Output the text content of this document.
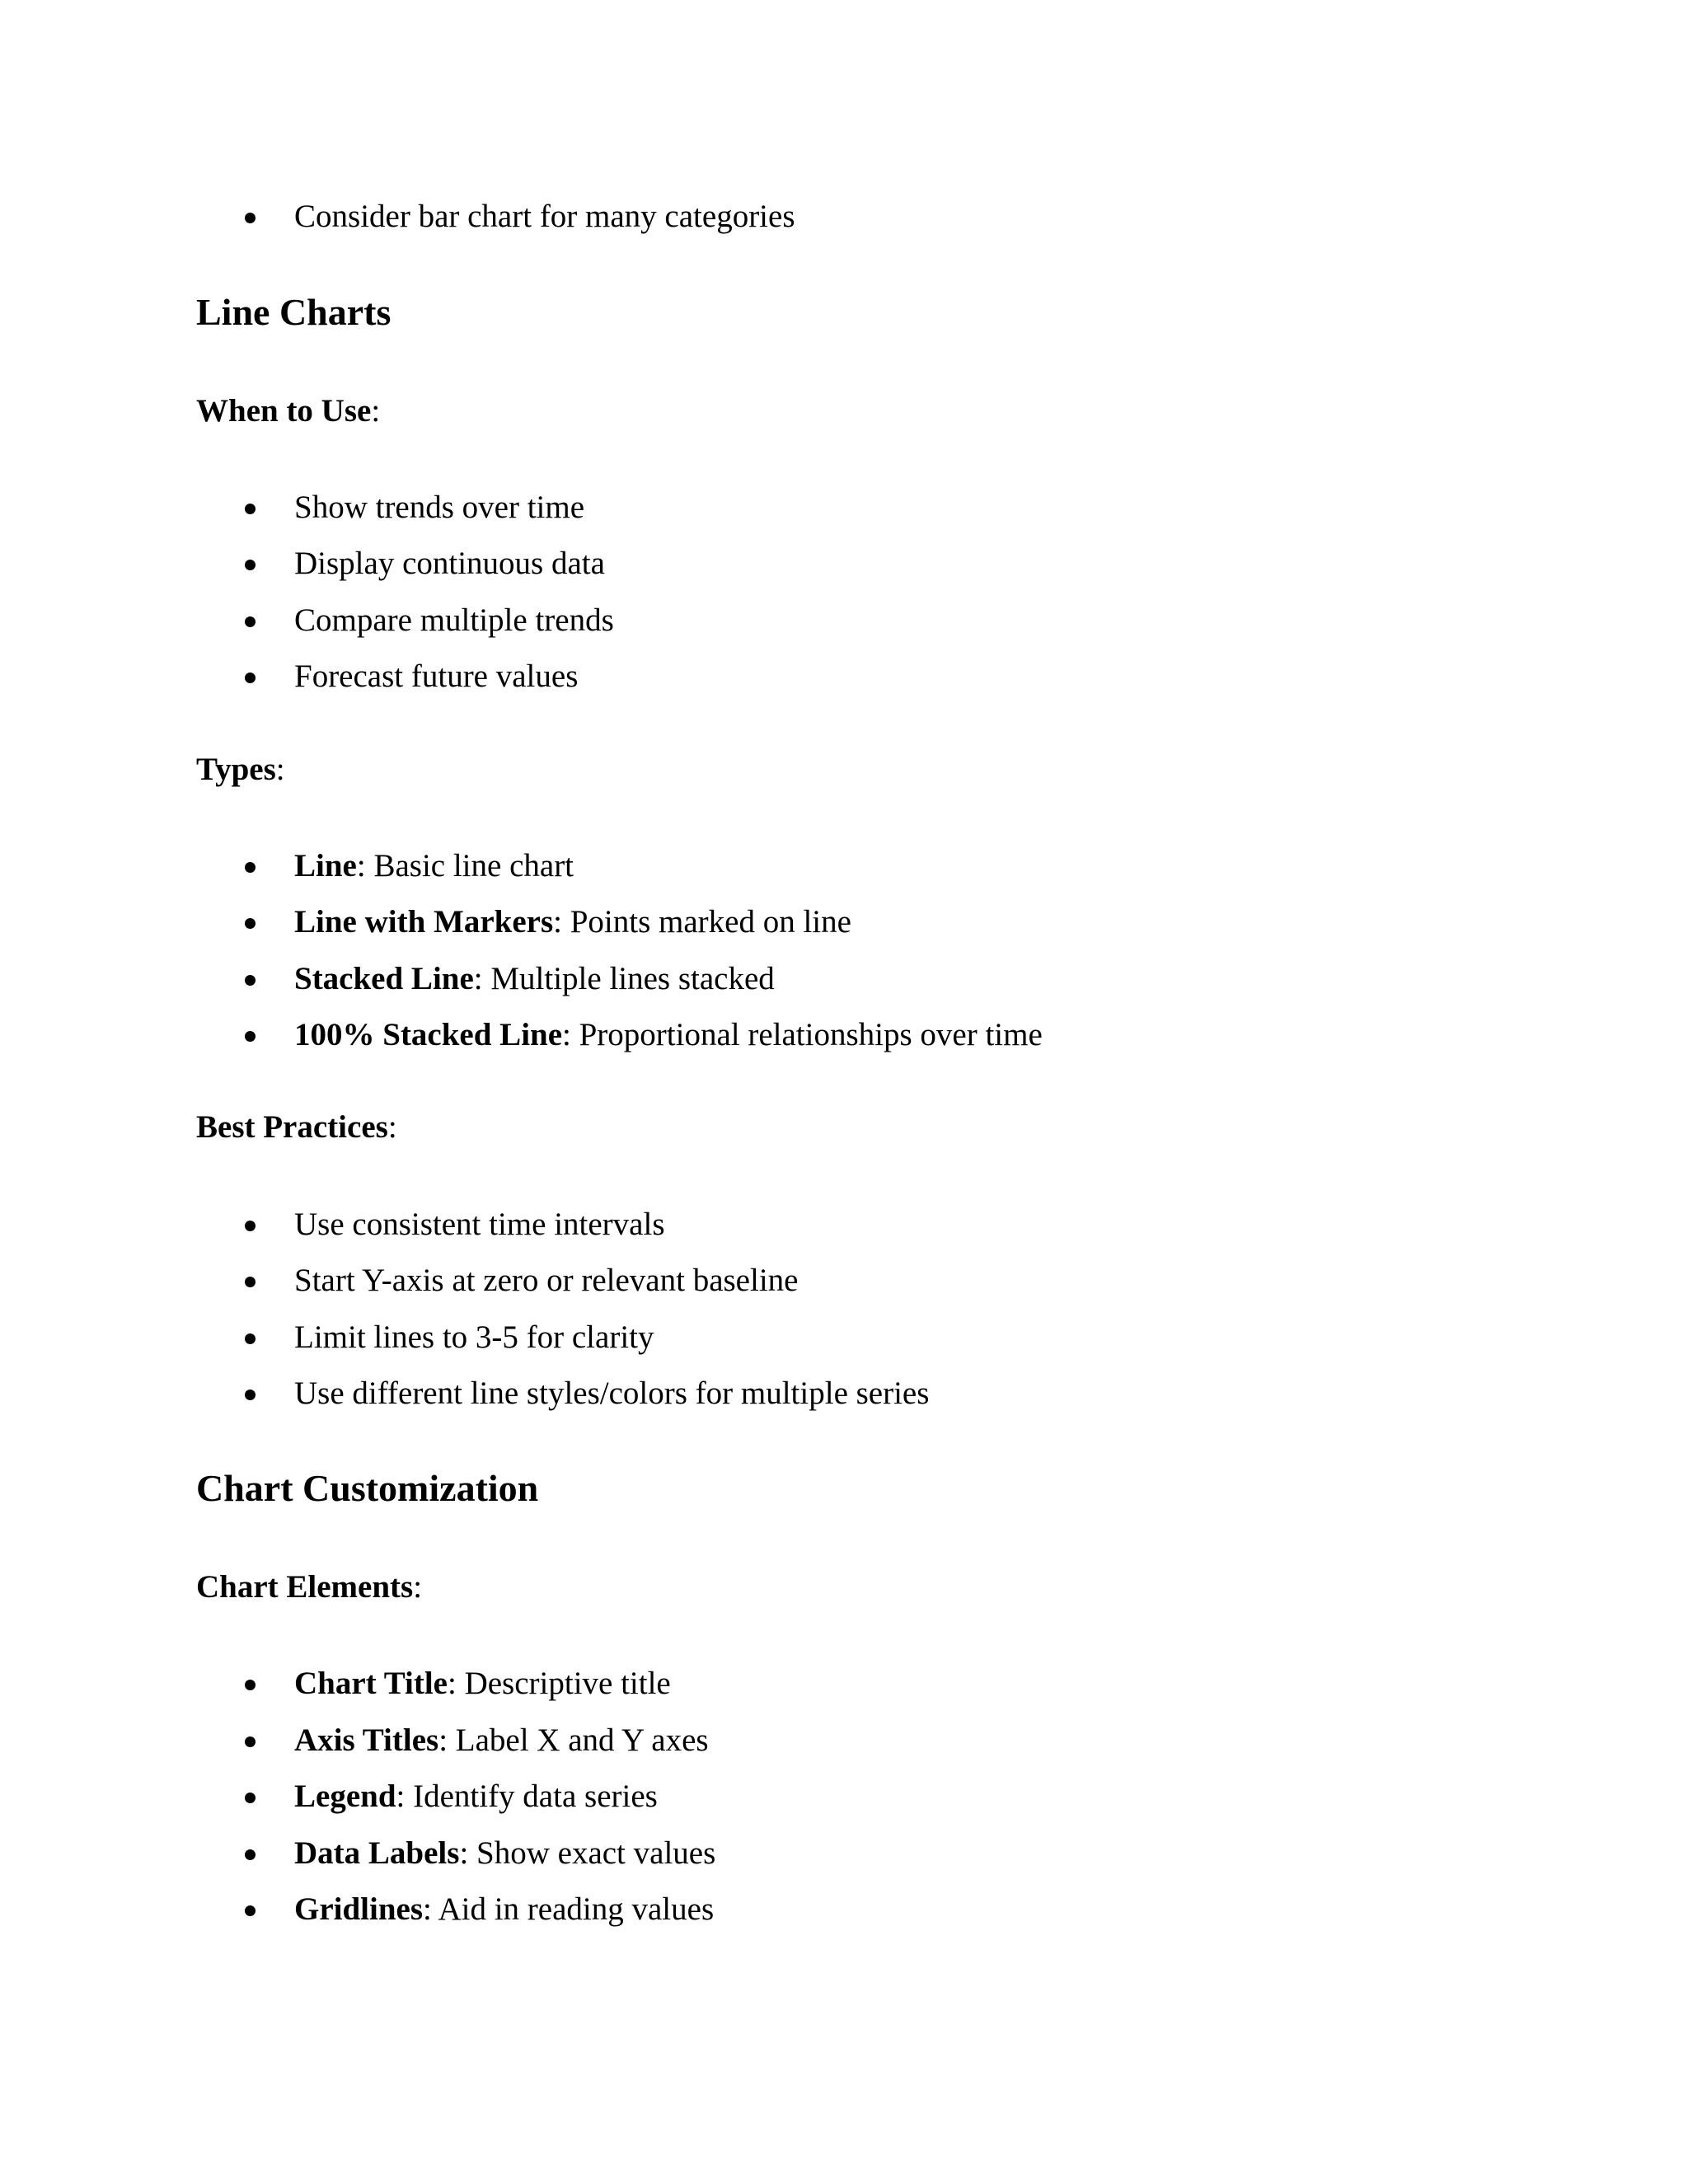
Consider bar chart for many categories
Line Charts
When to Use:
Show trends over time
Display continuous data
Compare multiple trends
Forecast future values
Types:
Line: Basic line chart
Line with Markers: Points marked on line
Stacked Line: Multiple lines stacked
100% Stacked Line: Proportional relationships over time
Best Practices:
Use consistent time intervals
Start Y-axis at zero or relevant baseline
Limit lines to 3-5 for clarity
Use different line styles/colors for multiple series
Chart Customization
Chart Elements:
Chart Title: Descriptive title
Axis Titles: Label X and Y axes
Legend: Identify data series
Data Labels: Show exact values
Gridlines: Aid in reading values
